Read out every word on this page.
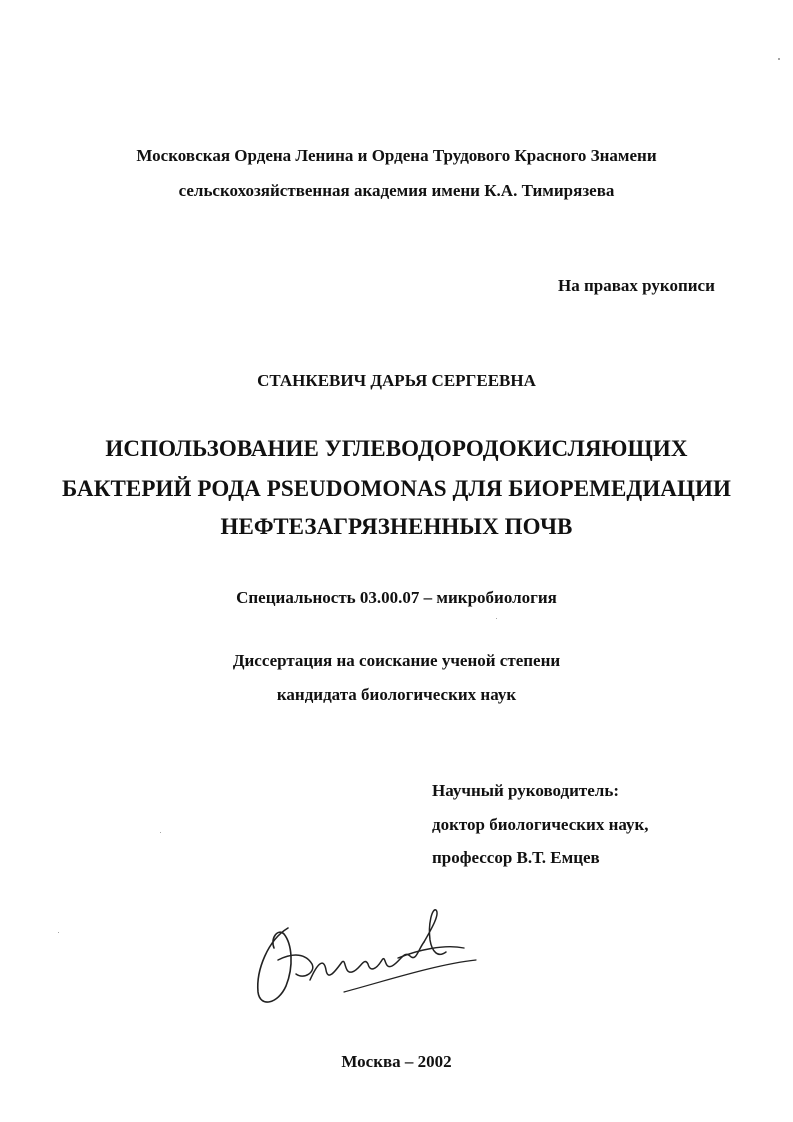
Московская Ордена Ленина и Ордена Трудового Красного Знамени
сельскохозяйственная академия имени К.А. Тимирязева
На правах рукописи
СТАНКЕВИЧ ДАРЬЯ СЕРГЕЕВНА
ИСПОЛЬЗОВАНИЕ УГЛЕВОДОРОДОКИСЛЯЮЩИХ
БАКТЕРИЙ РОДА PSEUDOMONAS ДЛЯ БИОРЕМЕДИАЦИИ
НЕФТЕЗАГРЯЗНЕННЫХ ПОЧВ
Специальность 03.00.07 – микробиология
Диссертация на соискание ученой степени
кандидата биологических наук
Научный руководитель:
доктор биологических наук,
профессор В.Т. Емцев
Москва – 2002
